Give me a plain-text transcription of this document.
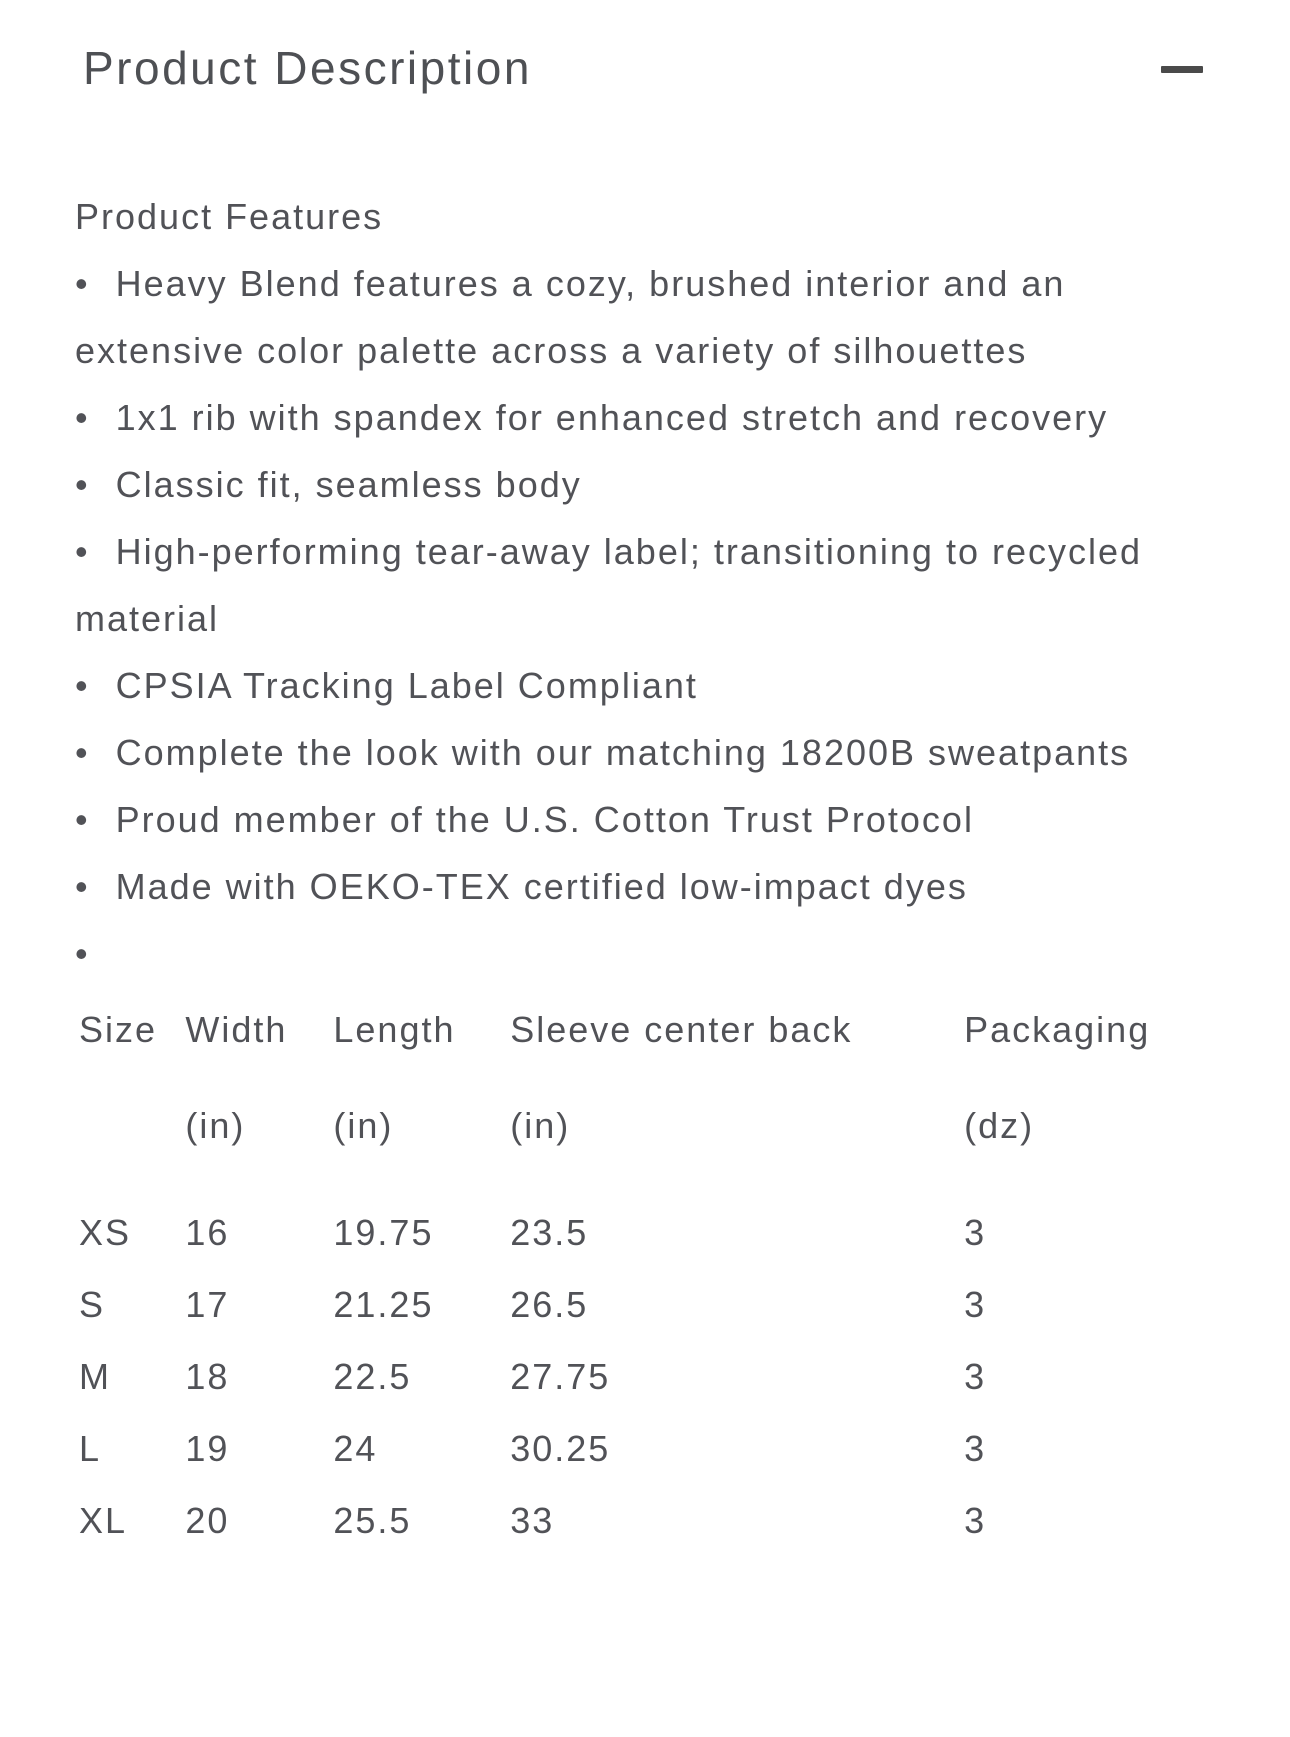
Product Description

Product Features

• Heavy Blend features a cozy, brushed interior and an extensive color palette across a variety of silhouettes

• 1x1 rib with spandex for enhanced stretch and recovery

• Classic fit, seamless body

• High-performing tear-away label; transitioning to recycled material

• CPSIA Tracking Label Compliant

• Complete the look with our matching 18200B sweatpants

• Proud member of the U.S. Cotton Trust Protocol

• Made with OEKO-TEX certified low-impact dyes

•

Size	Width	Length	Sleeve center back	Packaging
	(in)	(in)	(in)	(dz)
XS	16	19.75	23.5	3
S	17	21.25	26.5	3
M	18	22.5	27.75	3
L	19	24	30.25	3
XL	20	25.5	33	3
